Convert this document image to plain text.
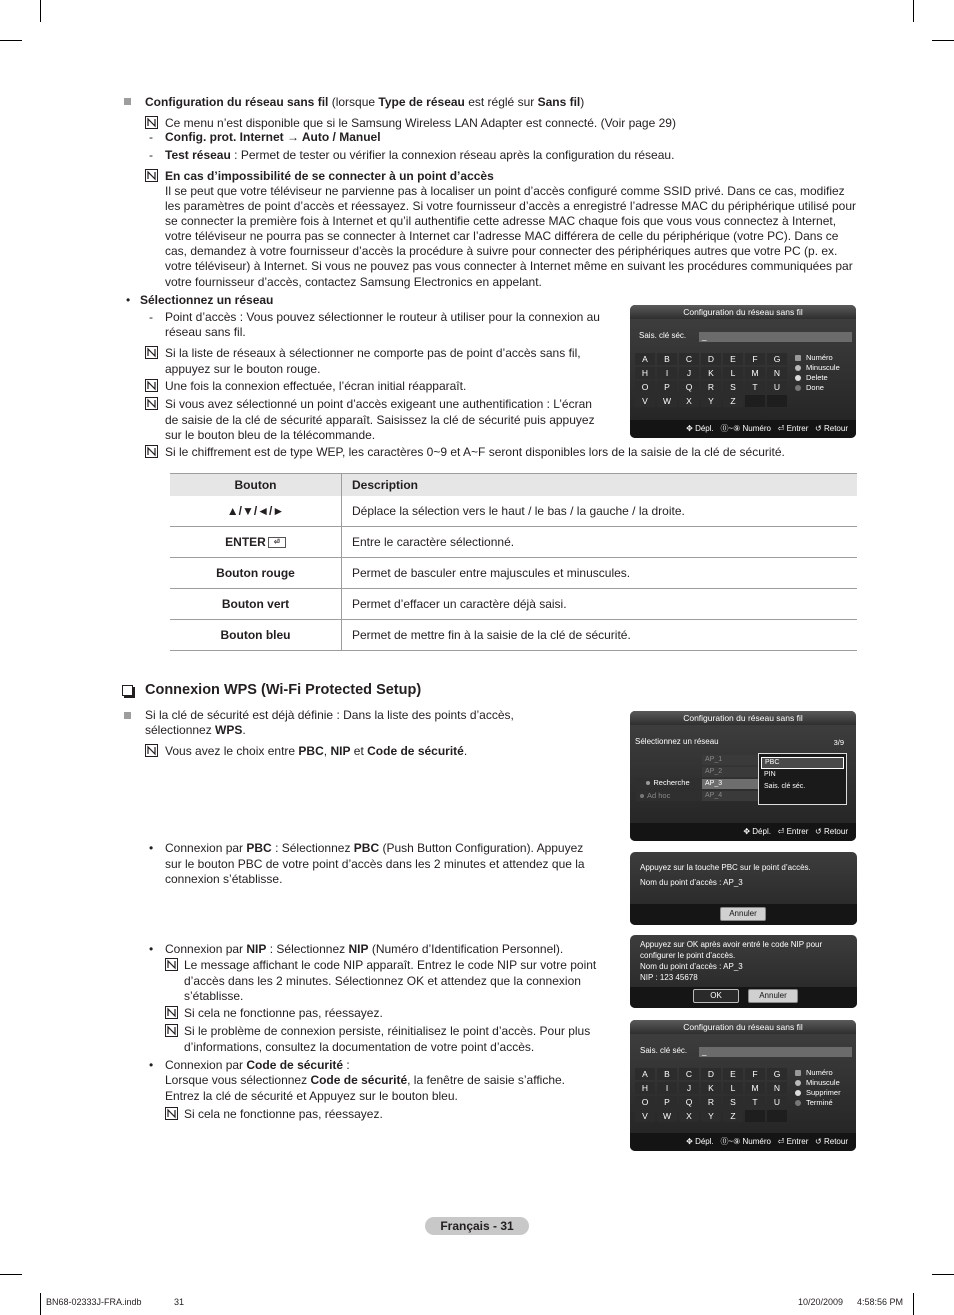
Configuration du réseau sans fil (lorsque Type de réseau est réglé sur Sans fil)
Ce menu n’est disponible que si le Samsung Wireless LAN Adapter est connecté. (Voir page 29)
- Config. prot. Internet → Auto / Manuel
- Test réseau : Permet de tester ou vérifier la connexion réseau après la configuration du réseau.
En cas d’impossibilité de se connecter à un point d’accès
Il se peut que votre téléviseur ne parvienne pas à localiser un point d’accès configuré comme SSID privé. Dans ce cas, modifiez les paramètres de point d’accès et réessayez. Si votre fournisseur d’accès a enregistré l’adresse MAC du périphérique utilisé pour se connecter la première fois à Internet et qu’il authentifie cette adresse MAC chaque fois que vous vous connectez à Internet, votre téléviseur ne pourra pas se connecter à Internet car l’adresse MAC différera de celle du périphérique (votre PC). Dans ce cas, demandez à votre fournisseur d’accès la procédure à suivre pour connecter des périphériques autres que votre PC (p. ex. votre téléviseur) à Internet. Si vous ne pouvez pas vous connecter à Internet même en suivant les procédures communiquées par votre fournisseur d’accès, contactez Samsung Electronics en appelant.
• Sélectionnez un réseau
- Point d’accès : Vous pouvez sélectionner le routeur à utiliser pour la connexion au réseau sans fil.
Si la liste de réseaux à sélectionner ne comporte pas de point d’accès sans fil, appuyez sur le bouton rouge.
Une fois la connexion effectuée, l’écran initial réapparaît.
Si vous avez sélectionné un point d’accès exigeant une authentification : L’écran de saisie de la clé de sécurité apparaît. Saisissez la clé de sécurité puis appuyez sur le bouton bleu de la télécommande.
Si le chiffrement est de type WEP, les caractères 0~9 et A~F seront disponibles lors de la saisie de la clé de sécurité.
Configuration du réseau sans fil
Sais. clé séc.	_
A	B	C	D	E	F	G
H	I	J	K	L	M	N
O	P	Q	R	S	T	U
V	W	X	Y	Z
Numéro
Minuscule
Delete
Done
✥ Dépl. ⓪~⑨ Numéro ⏎ Entrer ↺ Retour
Bouton	Description
▲/▼/◄/►	Déplace la sélection vers le haut / le bas / la gauche / la droite.
ENTER ⏎	Entre le caractère sélectionné.
Bouton rouge	Permet de basculer entre majuscules et minuscules.
Bouton vert	Permet d’effacer un caractère déjà saisi.
Bouton bleu	Permet de mettre fin à la saisie de la clé de sécurité.
Connexion WPS (Wi-Fi Protected Setup)
Si la clé de sécurité est déjà définie : Dans la liste des points d’accès, sélectionnez WPS.
Vous avez le choix entre PBC, NIP et Code de sécurité.
• Connexion par PBC : Sélectionnez PBC (Push Button Configuration). Appuyez sur le bouton PBC de votre point d’accès dans les 2 minutes et attendez que la connexion s’établisse.
• Connexion par NIP : Sélectionnez NIP (Numéro d’Identification Personnel).
Le message affichant le code NIP apparaît. Entrez le code NIP sur votre point d’accès dans les 2 minutes. Sélectionnez OK et attendez que la connexion s’établisse.
Si cela ne fonctionne pas, réessayez.
Si le problème de connexion persiste, réinitialisez le point d’accès. Pour plus d’informations, consultez la documentation de votre point d’accès.
• Connexion par Code de sécurité :
Lorsque vous sélectionnez Code de sécurité, la fenêtre de saisie s’affiche.
Entrez la clé de sécurité et Appuyez sur le bouton bleu.
Si cela ne fonctionne pas, réessayez.
Configuration du réseau sans fil
Sélectionnez un réseau	3/9
Recherche
Ad hoc
AP_1
AP_2
AP_3
AP_4
PBC
PIN
Sais. clé séc.
✥ Dépl. ⏎ Entrer ↺ Retour
Appuyez sur la touche PBC sur le point d’accès.
Nom du point d’accès : AP_3
Annuler
Appuyez sur OK après avoir entré le code NIP pour
configurer le point d’accès.
Nom du point d’accès : AP_3
NIP : 123 45678
OK	Annuler
Configuration du réseau sans fil
Sais. clé séc.	_
A	B	C	D	E	F	G
H	I	J	K	L	M	N
O	P	Q	R	S	T	U
V	W	X	Y	Z
Numéro
Minuscule
Supprimer
Terminé
✥ Dépl. ⓪~⑨ Numéro ⏎ Entrer ↺ Retour
Français - 31
BN68-02333J-FRA.indb	31	10/20/2009 4:58:56 PM
